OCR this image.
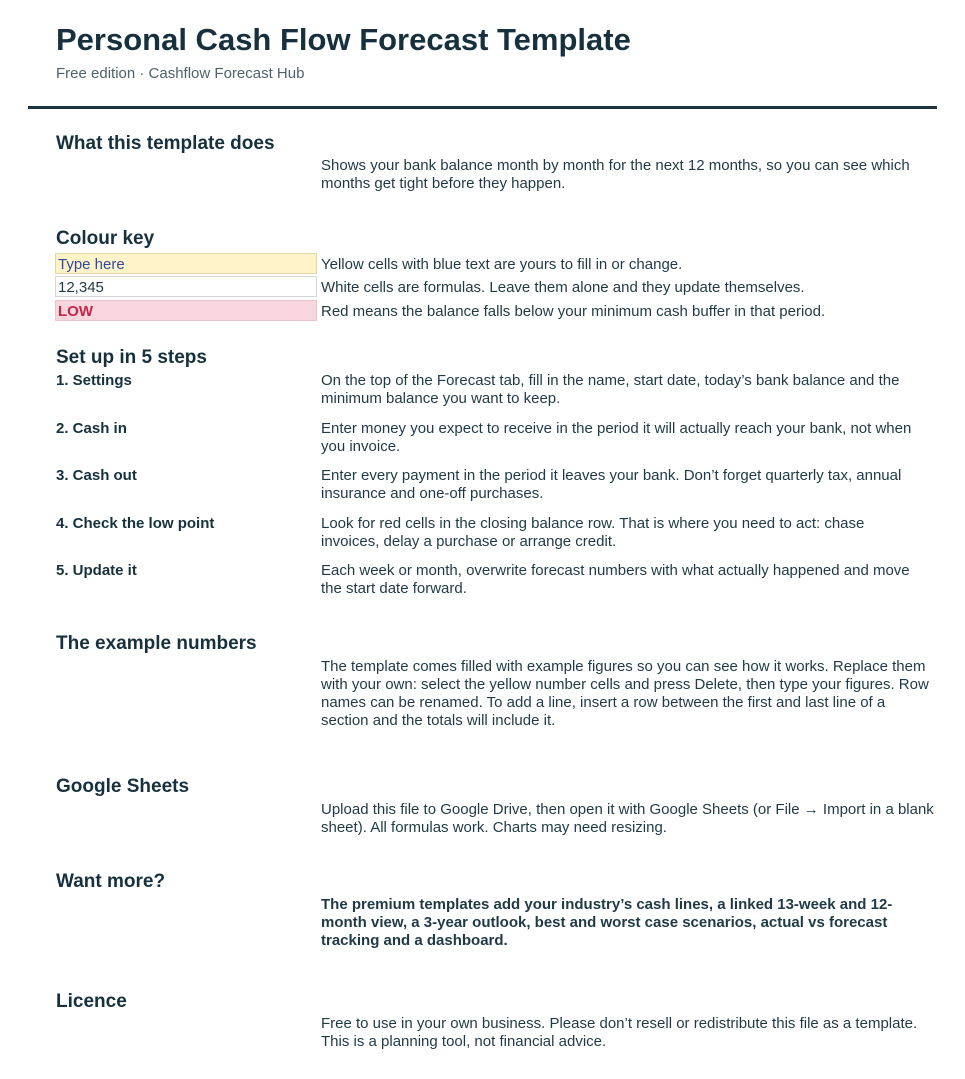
Personal Cash Flow Forecast Template
Free edition · Cashflow Forecast Hub
What this template does
Shows your bank balance month by month for the next 12 months, so you can see which months get tight before they happen.
Colour key
Type here	Yellow cells with blue text are yours to fill in or change.
12,345	White cells are formulas. Leave them alone and they update themselves.
LOW	Red means the balance falls below your minimum cash buffer in that period.
Set up in 5 steps
1. Settings	On the top of the Forecast tab, fill in the name, start date, today’s bank balance and the minimum balance you want to keep.
2. Cash in	Enter money you expect to receive in the period it will actually reach your bank, not when you invoice.
3. Cash out	Enter every payment in the period it leaves your bank. Don’t forget quarterly tax, annual insurance and one-off purchases.
4. Check the low point	Look for red cells in the closing balance row. That is where you need to act: chase invoices, delay a purchase or arrange credit.
5. Update it	Each week or month, overwrite forecast numbers with what actually happened and move the start date forward.
The example numbers
The template comes filled with example figures so you can see how it works. Replace them with your own: select the yellow number cells and press Delete, then type your figures. Row names can be renamed. To add a line, insert a row between the first and last line of a section and the totals will include it.
Google Sheets
Upload this file to Google Drive, then open it with Google Sheets (or File → Import in a blank sheet). All formulas work. Charts may need resizing.
Want more?
The premium templates add your industry’s cash lines, a linked 13-week and 12-month view, a 3-year outlook, best and worst case scenarios, actual vs forecast tracking and a dashboard.
Licence
Free to use in your own business. Please don’t resell or redistribute this file as a template. This is a planning tool, not financial advice.
